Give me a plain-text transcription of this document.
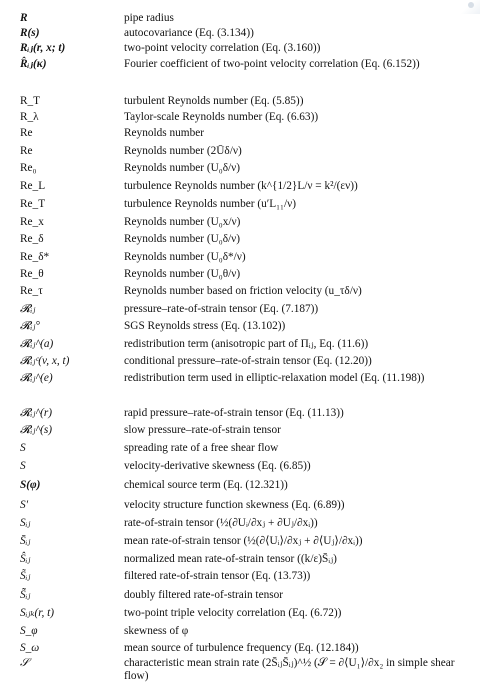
R	pipe radius
R(s)	autocovariance (Eq. (3.134))
Rᵢⱼ(r, x; t)	two-point velocity correlation (Eq. (3.160))
R̂ᵢⱼ(κ)	Fourier coefficient of two-point velocity correlation (Eq. (6.152))
R_T	turbulent Reynolds number (Eq. (5.85))
R_λ	Taylor-scale Reynolds number (Eq. (6.63))
Re	Reynolds number
Re	Reynolds number (2Ūδ/ν)
Re₀	Reynolds number (U₀δ/ν)
Re_L	turbulence Reynolds number (k^{1/2}L/ν = k²/(εν))
Re_T	turbulence Reynolds number (u′L₁₁/ν)
Re_x	Reynolds number (U₀x/ν)
Re_δ	Reynolds number (U₀δ/ν)
Re_δ*	Reynolds number (U₀δ*/ν)
Re_θ	Reynolds number (U₀θ/ν)
Re_τ	Reynolds number based on friction velocity (u_τδ/ν)
𝓡ᵢⱼ	pressure–rate-of-strain tensor (Eq. (7.187))
𝓡ᵢⱼ°	SGS Reynolds stress (Eq. (13.102))
𝓡ᵢⱼ^(a)	redistribution term (anisotropic part of Πᵢⱼ, Eq. (11.6))
𝓡ᵢⱼᶜ(v, x, t)	conditional pressure–rate-of-strain tensor (Eq. (12.20))
𝓡ᵢⱼ^(e)	redistribution term used in elliptic-relaxation model (Eq. (11.198))
𝓡ᵢⱼ^(r)	rapid pressure–rate-of-strain tensor (Eq. (11.13))
𝓡ᵢⱼ^(s)	slow pressure–rate-of-strain tensor
S	spreading rate of a free shear flow
S	velocity-derivative skewness (Eq. (6.85))
S(φ)	chemical source term (Eq. (12.321))
S′	velocity structure function skewness (Eq. (6.89))
Sᵢⱼ	rate-of-strain tensor (½(∂Uᵢ/∂xⱼ + ∂Uⱼ/∂xᵢ))
S̄ᵢⱼ	mean rate-of-strain tensor (½(∂⟨Uᵢ⟩/∂xⱼ + ∂⟨Uⱼ⟩/∂xᵢ))
Ŝᵢⱼ	normalized mean rate-of-strain tensor ((k/ε)S̄ᵢⱼ)
S̃ᵢⱼ	filtered rate-of-strain tensor (Eq. (13.73))
S̃̃ᵢⱼ	doubly filtered rate-of-strain tensor
Sᵢⱼₖ(r, t)	two-point triple velocity correlation (Eq. (6.72))
S_φ	skewness of φ
S_ω	mean source of turbulence frequency (Eq. (12.184))
𝒮	characteristic mean strain rate (2S̄ᵢⱼS̄ᵢⱼ)^½ (𝒮 = ∂⟨U₁⟩/∂x₂ in simple shear flow)
